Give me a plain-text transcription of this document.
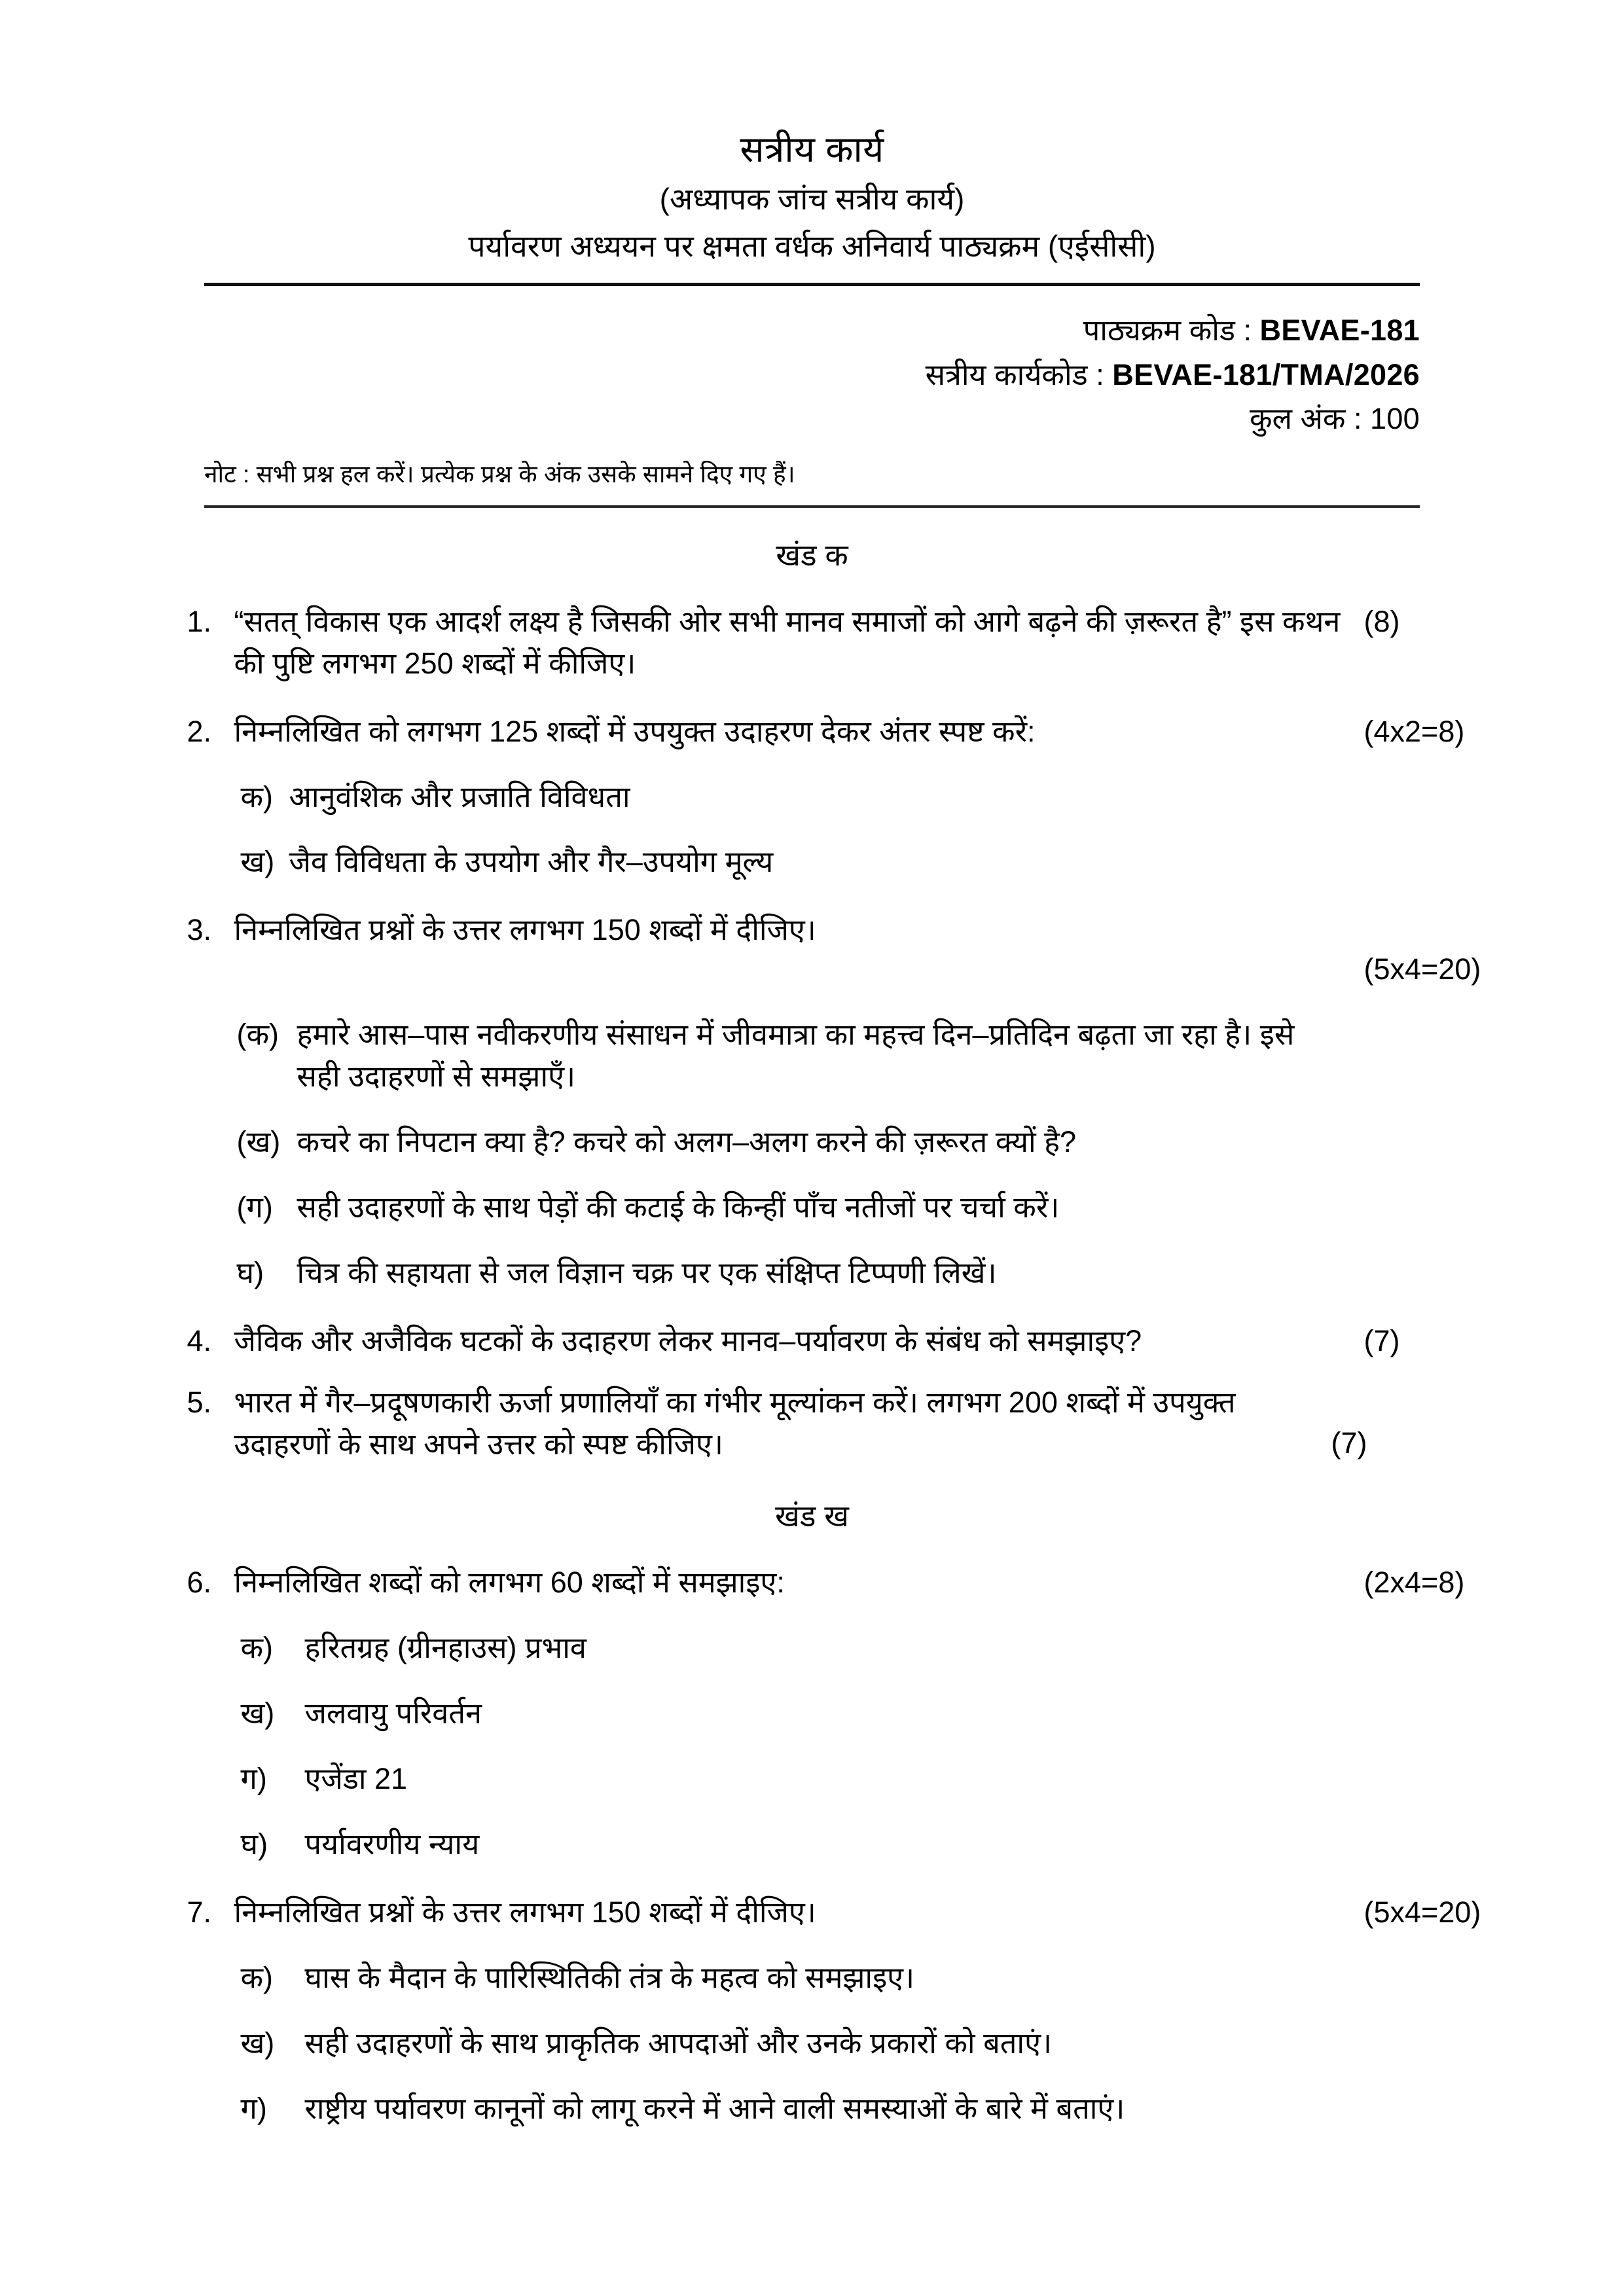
सत्रीय कार्य
(अध्यापक जांच सत्रीय कार्य)
पर्यावरण अध्ययन पर क्षमता वर्धक अनिवार्य पाठ्यक्रम (एईसीसी)
पाठ्यक्रम कोड : BEVAE-181
सत्रीय कार्यकोड : BEVAE-181/TMA/2026
कुल अंक : 100
नोट : सभी प्रश्न हल करें। प्रत्येक प्रश्न के अंक उसके सामने दिए गए हैं।
खंड क
1. “सतत् विकास एक आदर्श लक्ष्य है जिसकी ओर सभी मानव समाजों को आगे बढ़ने की ज़रूरत है” इस कथन की पुष्टि लगभग 250 शब्दों में कीजिए।
(8)
2. निम्नलिखित को लगभग 125 शब्दों में उपयुक्त उदाहरण देकर अंतर स्पष्ट करें:	(4x2=8)
क) आनुवंशिक और प्रजाति विविधता
ख) जैव विविधता के उपयोग और गैर–उपयोग मूल्य
3. निम्नलिखित प्रश्नों के उत्तर लगभग 150 शब्दों में दीजिए।
(5x4=20)
(क) हमारे आस–पास नवीकरणीय संसाधन में जीवमात्रा का महत्त्व दिन–प्रतिदिन बढ़ता जा रहा है। इसे सही उदाहरणों से समझाएँ।
(ख) कचरे का निपटान क्या है? कचरे को अलग–अलग करने की ज़रूरत क्यों है?
(ग) सही उदाहरणों के साथ पेड़ों की कटाई के किन्हीं पाँच नतीजों पर चर्चा करें।
घ)	चित्र की सहायता से जल विज्ञान चक्र पर एक संक्षिप्त टिप्पणी लिखें।
4. जैविक और अजैविक घटकों के उदाहरण लेकर मानव–पर्यावरण के संबंध को समझाइए?	(7)
5. भारत में गैर–प्रदूषणकारी ऊर्जा प्रणालियाँ का गंभीर मूल्यांकन करें। लगभग 200 शब्दों में उपयुक्त उदाहरणों के साथ अपने उत्तर को स्पष्ट कीजिए।	(7)
खंड ख
6. निम्नलिखित शब्दों को लगभग 60 शब्दों में समझाइए:	(2x4=8)
क)	हरितग्रह (ग्रीनहाउस) प्रभाव
ख)	जलवायु परिवर्तन
ग)	एजेंडा 21
घ)	पर्यावरणीय न्याय
7. निम्नलिखित प्रश्नों के उत्तर लगभग 150 शब्दों में दीजिए।	(5x4=20)
क)	घास के मैदान के पारिस्थितिकी तंत्र के महत्व को समझाइए।
ख)	सही उदाहरणों के साथ प्राकृतिक आपदाओं और उनके प्रकारों को बताएं।
ग)	राष्ट्रीय पर्यावरण कानूनों को लागू करने में आने वाली समस्याओं के बारे में बताएं।
